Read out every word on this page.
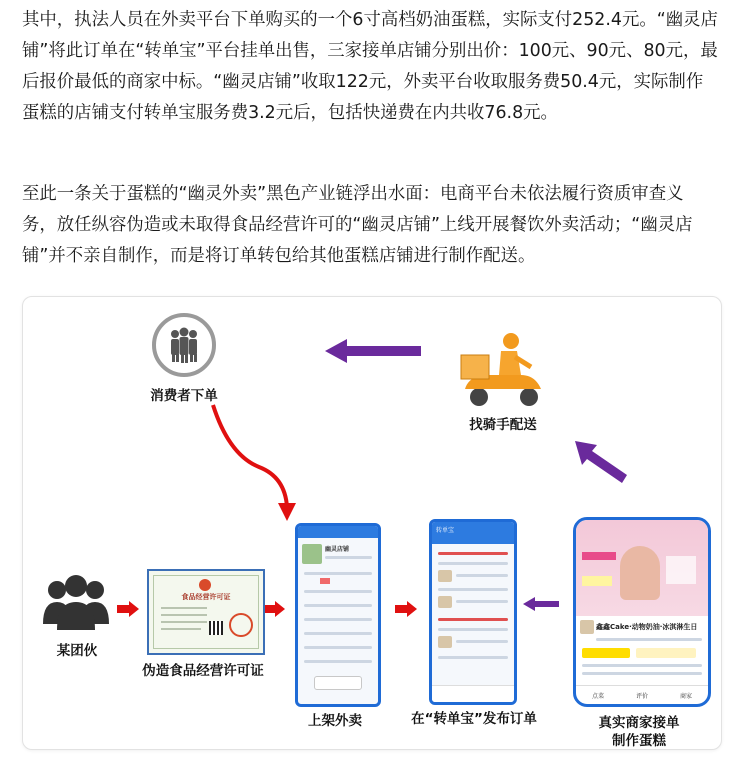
其中，执法人员在外卖平台下单购买的一个6寸高档奶油蛋糕，实际支付252.4元。“幽灵店铺”将此订单在“转单宝”平台挂单出售，三家接单店铺分别出价：100元、90元、80元，最后报价最低的商家中标。“幽灵店铺”收取122元，外卖平台收取服务费50.4元，实际制作蛋糕的店铺支付转单宝服务费3.2元后，包括快递费在内共收76.8元。

至此一条关于蛋糕的“幽灵外卖”黑色产业链浮出水面：电商平台未依法履行资质审查义务，放任纵容伪造或未取得食品经营许可的“幽灵店铺”上线开展餐饮外卖活动；“幽灵店铺”并不亲自制作，而是将订单转包给其他蛋糕店铺进行制作配送。

消费者下单
找骑手配送
某团伙
食品经营许可证
伪造食品经营许可证
幽灵店铺
上架外卖
转单宝
在“转单宝”发布订单
鑫鑫Cake·动物奶油·冰淇淋生日
点菜	评价	商家
真实商家接单
制作蛋糕
